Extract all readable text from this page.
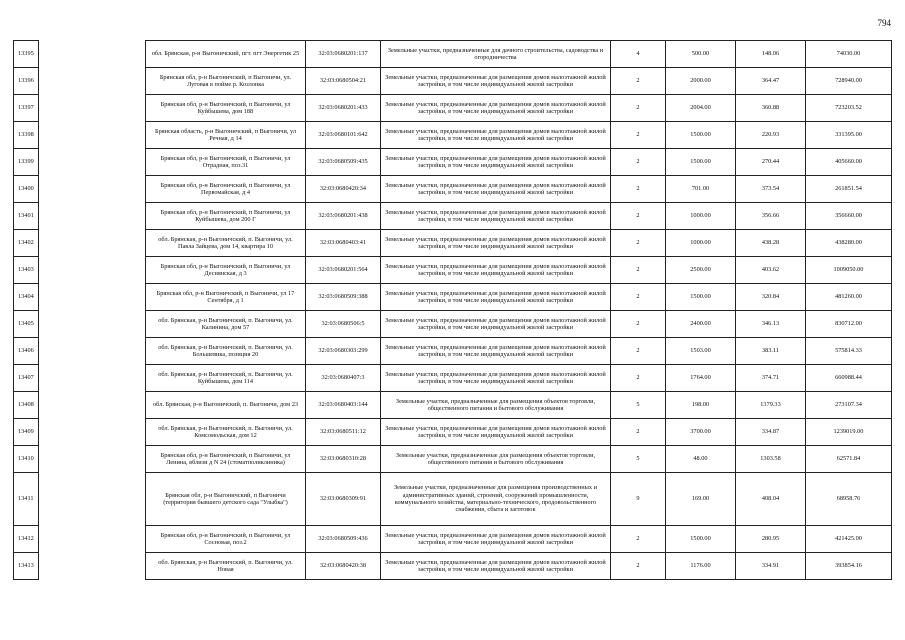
794
13395		обл. Брянская, р-н Выгоничский, пгт. пгт Энергетик 25	32:03:0680201:137	Земельные участки, предназначенные для дачного строительства, садоводства и огородничества	4	500.00	148.06	74030.00
13396		Брянская обл, р-н Выгоничский, п Выгоничи, ул. Луговая в пойме р. Козлонка	32:03:0680504:21	Земельные участки, предназначенные для размещения домов малоэтажной жилой застройки, в том числе индивидуальной жилой застройки	2	2000.00	364.47	728940.00
13397		Брянская обл, р-н Выгоничский, п Выгоничи, ул Куйбышева, дом 188	32:03:0680201:433	Земельные участки, предназначенные для размещения домов малоэтажной жилой застройки, в том числе индивидуальной жилой застройки	2	2004.00	360.88	723203.52
13398		Брянская область, р-н Выгоничский, п Выгоничи, ул Речная, д 14	32:03:0680101:642	Земельные участки, предназначенные для размещения домов малоэтажной жилой застройки, в том числе индивидуальной жилой застройки	2	1500.00	220.93	331395.00
13399		Брянская обл, р-н Выгоничский, п Выгоничи, ул Отрадная, поз.31	32:03:0680509:435	Земельные участки, предназначенные для размещения домов малоэтажной жилой застройки, в том числе индивидуальной жилой застройки	2	1500.00	270.44	405660.00
13400		Брянская обл, р-н Выгоничский, п Выгоничи, ул Первомайская, д 4	32:03:0680420:34	Земельные участки, предназначенные для размещения домов малоэтажной жилой застройки, в том числе индивидуальной жилой застройки	2	701.00	373.54	261851.54
13401		Брянская обл, р-н Выгоничский, п Выгоничи, ул Куйбышева, дом 200 Г	32:03:0680201:438	Земельные участки, предназначенные для размещения домов малоэтажной жилой застройки, в том числе индивидуальной жилой застройки	2	1000.00	356.66	356660.00
13402		обл. Брянская, р-н Выгоничский, п. Выгоничи, ул. Павла Зайцева, дом 14, квартира 10	32:03:0680403:41	Земельные участки, предназначенные для размещения домов малоэтажной жилой застройки, в том числе индивидуальной жилой застройки	2	1000.00	438.28	438280.00
13403		Брянская обл, р-н Выгоничский, п Выгоничи, ул Деснянская, д 3	32:03:0680201:564	Земельные участки, предназначенные для размещения домов малоэтажной жилой застройки, в том числе индивидуальной жилой застройки	2	2500.00	403.62	1009050.00
13404		Брянская обл, р-н Выгоничский, п Выгоничи, ул 17 Сентября, д 1	32:03:0680509:388	Земельные участки, предназначенные для размещения домов малоэтажной жилой застройки, в том числе индивидуальной жилой застройки	2	1500.00	320.84	481260.00
13405		обл. Брянская, р-н Выгоничский, п. Выгоничи, ул. Калинина, дом 57	32:03:0680506:5	Земельные участки, предназначенные для размещения домов малоэтажной жилой застройки, в том числе индивидуальной жилой застройки	2	2400.00	346.13	830712.00
13406		обл. Брянская, р-н Выгоничский, п. Выгоничи, ул. Большевика, позиция 20	32:03:0680303:299	Земельные участки, предназначенные для размещения домов малоэтажной жилой застройки, в том числе индивидуальной жилой застройки	2	1503.00	383.11	575814.33
13407		обл. Брянская, р-н Выгоничский, п. Выгоничи, ул. Куйбышева, дом 114	32:03:0680407:3	Земельные участки, предназначенные для размещения домов малоэтажной жилой застройки, в том числе индивидуальной жилой застройки	2	1764.00	374.71	660988.44
13408		обл. Брянская, р-н Выгоничский, п. Выгоничи, дом 23	32:03:0680403:144	Земельные участки, предназначенные для размещения объектов торговли, общественного питания и бытового обслуживания	5	198.00	1379.33	273107.34
13409		обл. Брянская, р-н Выгоничский, п. Выгоничи, ул. Комсомольская, дом 12	32:03:0680511:12	Земельные участки, предназначенные для размещения домов малоэтажной жилой застройки, в том числе индивидуальной жилой застройки	2	3700.00	334.87	1239019.00
13410		Брянская обл, р-н Выгоничский, п Выгоничи, ул Ленина, вблизи д N 24 (стоматполиклиника)	32:03:0680310:28	Земельные участки, предназначенные для размещения объектов торговли, общественного питания и бытового обслуживания	5	48.00	1303.58	62571.84
13411		Брянская обл, р-н Выгоничский, п Выгоничи (территория бывшего детского сада "Улыбка")	32:03:0680309:91	Земельные участки, предназначенные для размещения производственных и административных зданий, строений, сооружений промышленности, коммунального хозяйства, материально-технического, продовольственного снабжения, сбыта и заготовок	9	169.00	408.04	68958.76
13412		Брянская обл, р-н Выгоничский, п Выгоничи, ул Сосновая, поз.2	32:03:0680509:436	Земельные участки, предназначенные для размещения домов малоэтажной жилой застройки, в том числе индивидуальной жилой застройки	2	1500.00	280.95	421425.00
13413		обл. Брянская, р-н Выгоничский, п. Выгоничи, ул. Новая	32:03:0680420:38	Земельные участки, предназначенные для размещения домов малоэтажной жилой застройки, в том числе индивидуальной жилой застройки	2	1176.00	334.91	393854.16
